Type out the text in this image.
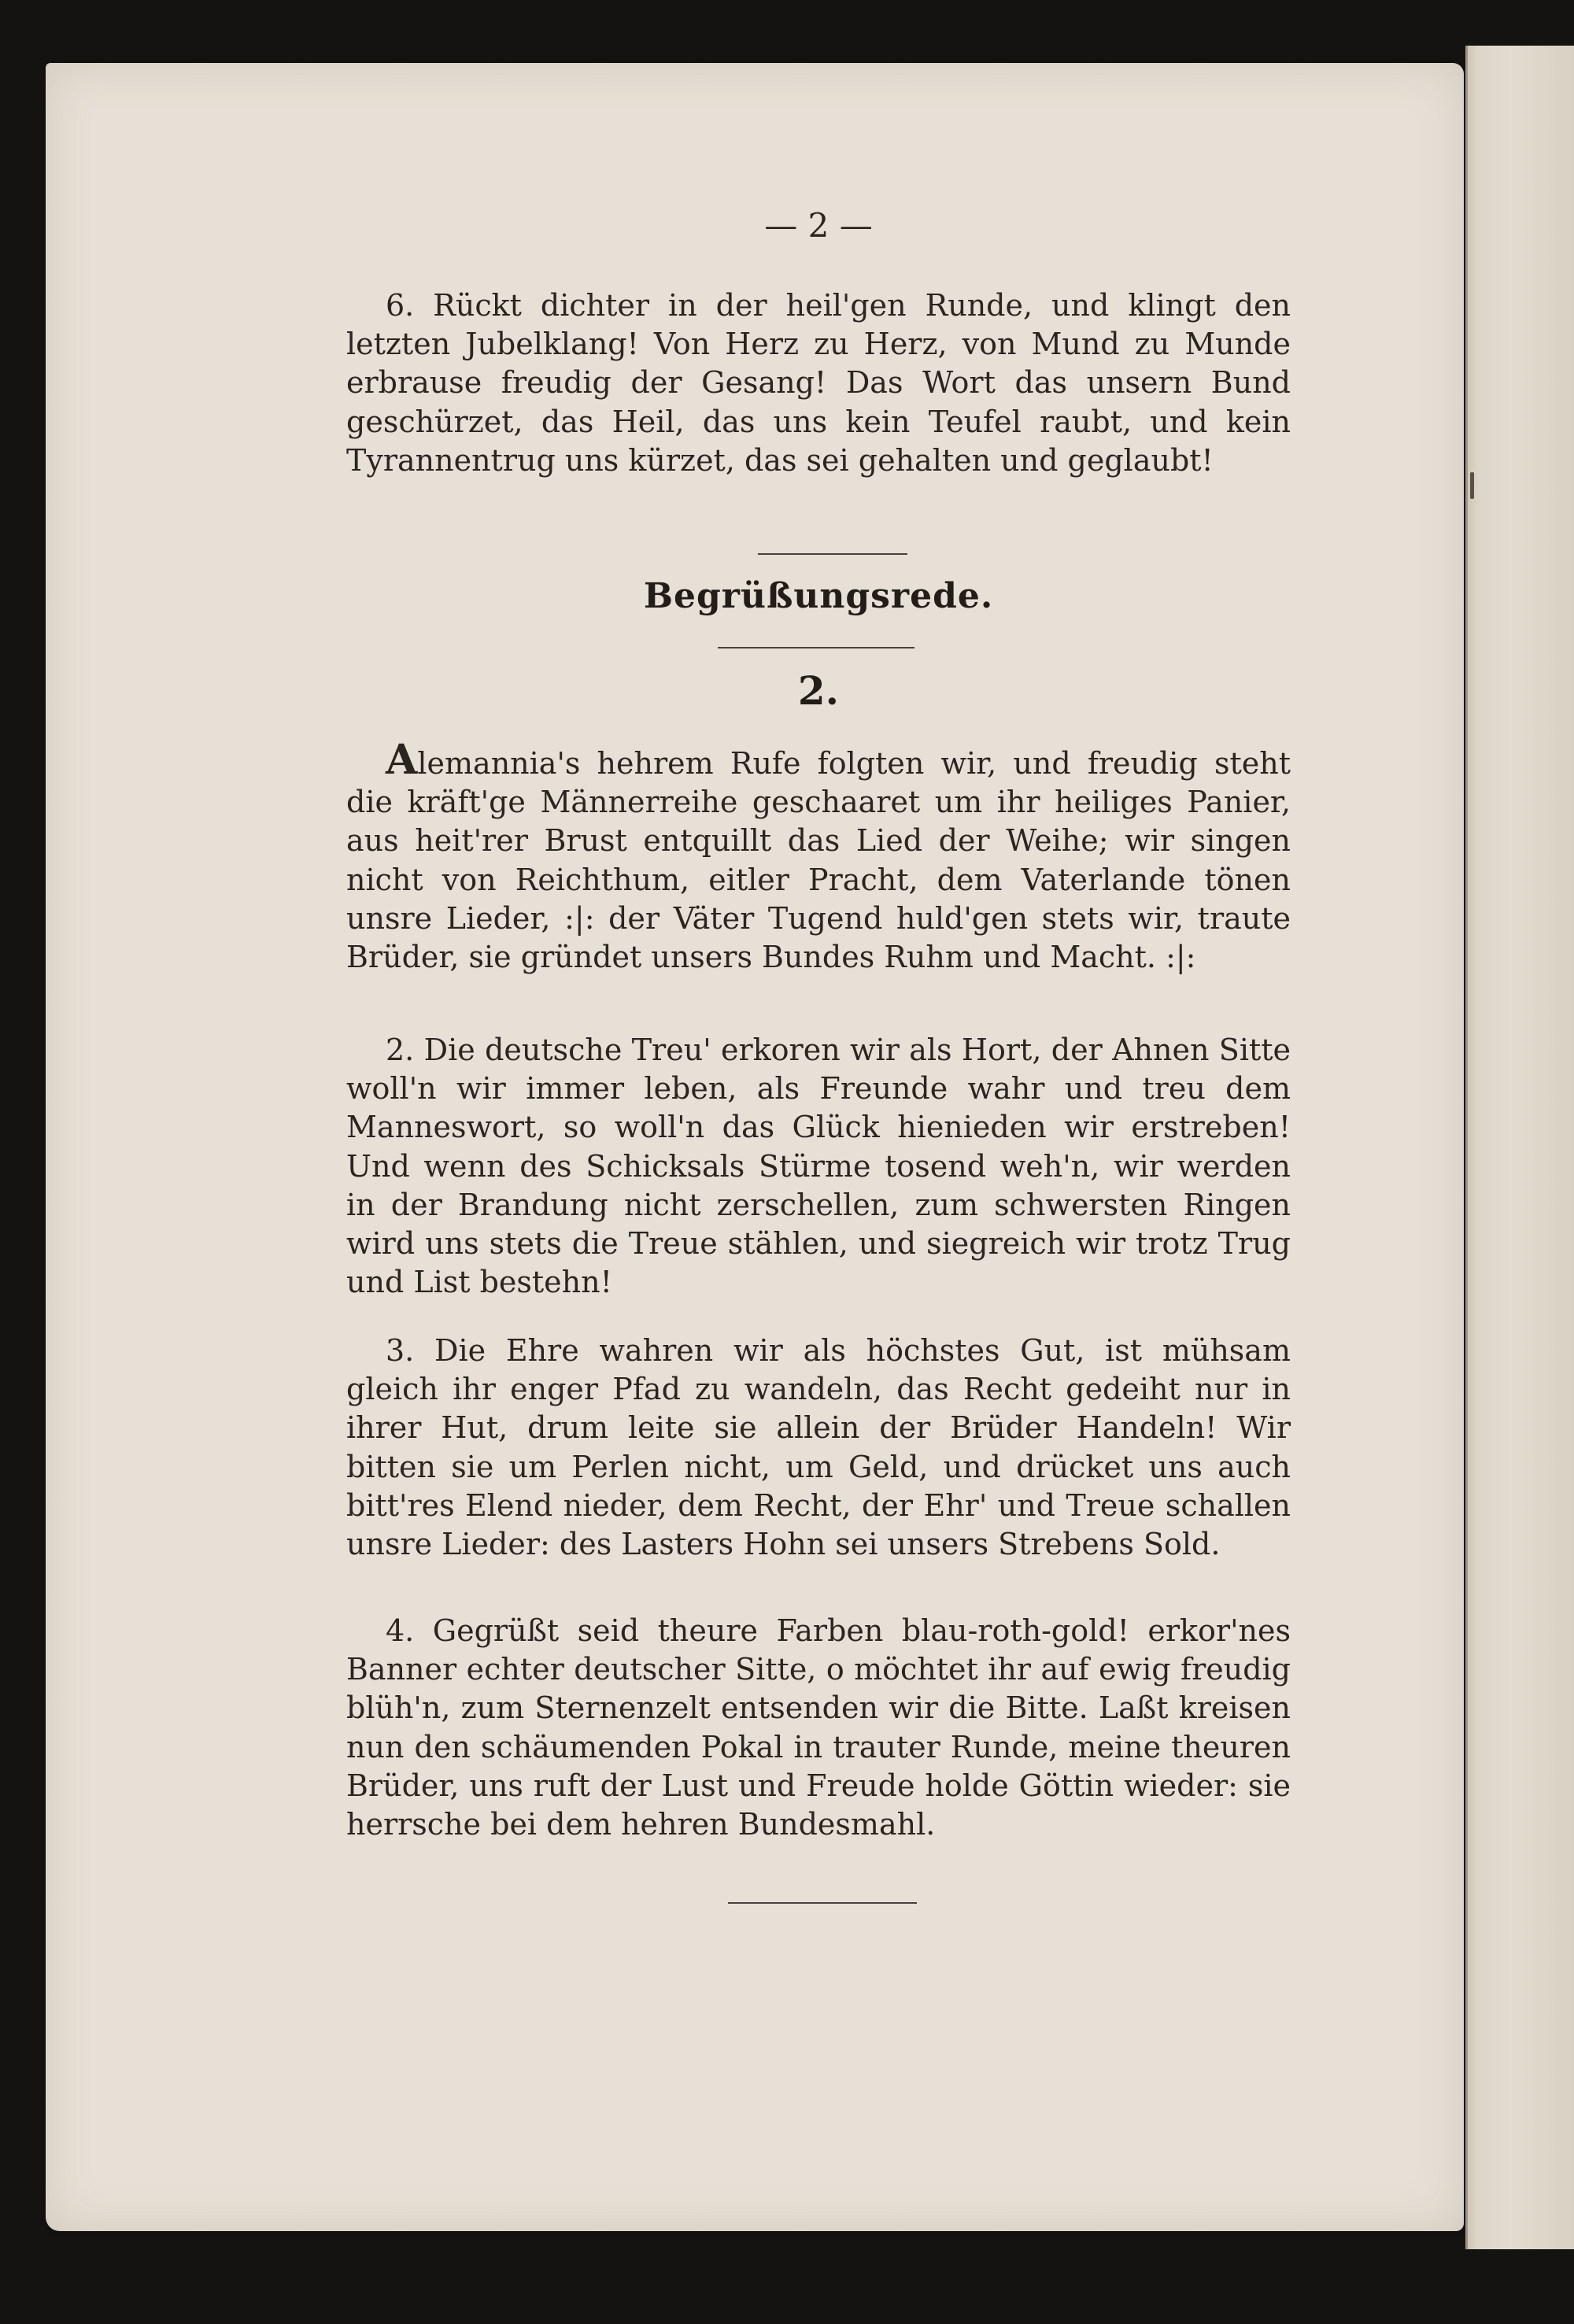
— 2 —

6. Rückt dichter in der heil'gen Runde, und klingt den letzten Jubelklang! Von Herz zu Herz, von Mund zu Munde erbrause freudig der Gesang! Das Wort das unsern Bund geschürzet, das Heil, das uns kein Teufel raubt, und kein Tyrannentrug uns kürzet, das sei gehalten und geglaubt!

Begrüßungsrede.
2.

Alemannia's hehrem Rufe folgten wir, und freudig steht die kräft'ge Männerreihe geschaaret um ihr heiliges Panier, aus heit'rer Brust entquillt das Lied der Weihe; wir singen nicht von Reichthum, eitler Pracht, dem Vaterlande tönen unsre Lieder, :|: der Väter Tugend huld'gen stets wir, traute Brüder, sie gründet unsers Bundes Ruhm und Macht. :|:

2. Die deutsche Treu' erkoren wir als Hort, der Ahnen Sitte woll'n wir immer leben, als Freunde wahr und treu dem Manneswort, so woll'n das Glück hienieden wir erstreben! Und wenn des Schicksals Stürme tosend weh'n, wir werden in der Brandung nicht zerschellen, zum schwersten Ringen wird uns stets die Treue stählen, und siegreich wir trotz Trug und List bestehn!

3. Die Ehre wahren wir als höchstes Gut, ist mühsam gleich ihr enger Pfad zu wandeln, das Recht gedeiht nur in ihrer Hut, drum leite sie allein der Brüder Handeln! Wir bitten sie um Perlen nicht, um Geld, und drücket uns auch bitt'res Elend nieder, dem Recht, der Ehr' und Treue schallen unsre Lieder: des Lasters Hohn sei unsers Strebens Sold.

4. Gegrüßt seid theure Farben blau-roth-gold! erkor'nes Banner echter deutscher Sitte, o möchtet ihr auf ewig freudig blüh'n, zum Sternenzelt entsenden wir die Bitte. Laßt kreisen nun den schäumenden Pokal in trauter Runde, meine theuren Brüder, uns ruft der Lust und Freude holde Göttin wieder: sie herrsche bei dem hehren Bundesmahl.
